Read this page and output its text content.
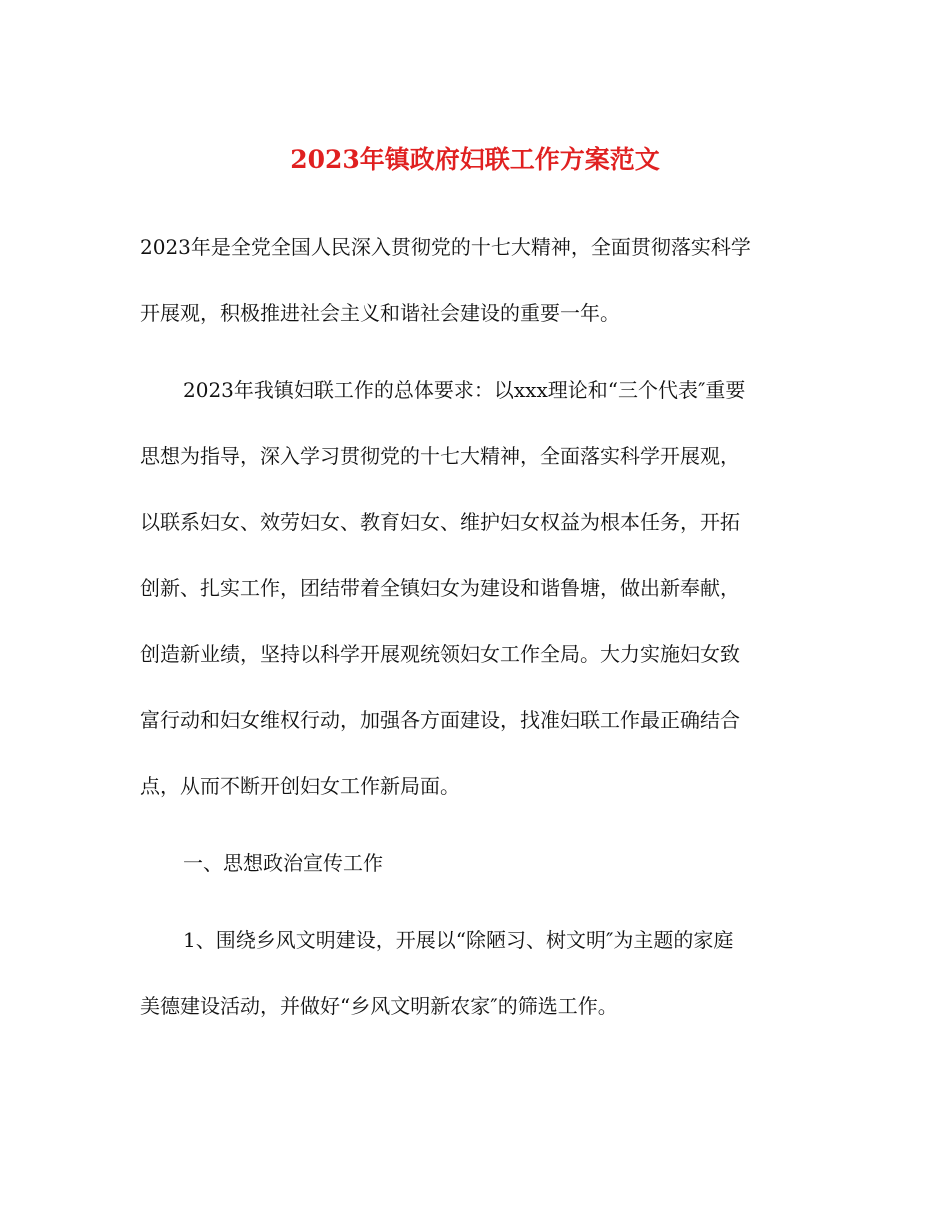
2023年镇政府妇联工作方案范文
2023年是全党全国人民深入贯彻党的十七大精神，全面贯彻落实科学
开展观，积极推进社会主义和谐社会建设的重要一年。
2023年我镇妇联工作的总体要求：以xxx理论和“三个代表″重要
思想为指导，深入学习贯彻党的十七大精神，全面落实科学开展观，
以联系妇女、效劳妇女、教育妇女、维护妇女权益为根本任务，开拓
创新、扎实工作，团结带着全镇妇女为建设和谐鲁塘，做出新奉献，
创造新业绩，坚持以科学开展观统领妇女工作全局。大力实施妇女致
富行动和妇女维权行动，加强各方面建设，找准妇联工作最正确结合
点，从而不断开创妇女工作新局面。
一、思想政治宣传工作
1、围绕乡风文明建设，开展以“除陋习、树文明″为主题的家庭
美德建设活动，并做好“乡风文明新农家″的筛选工作。
